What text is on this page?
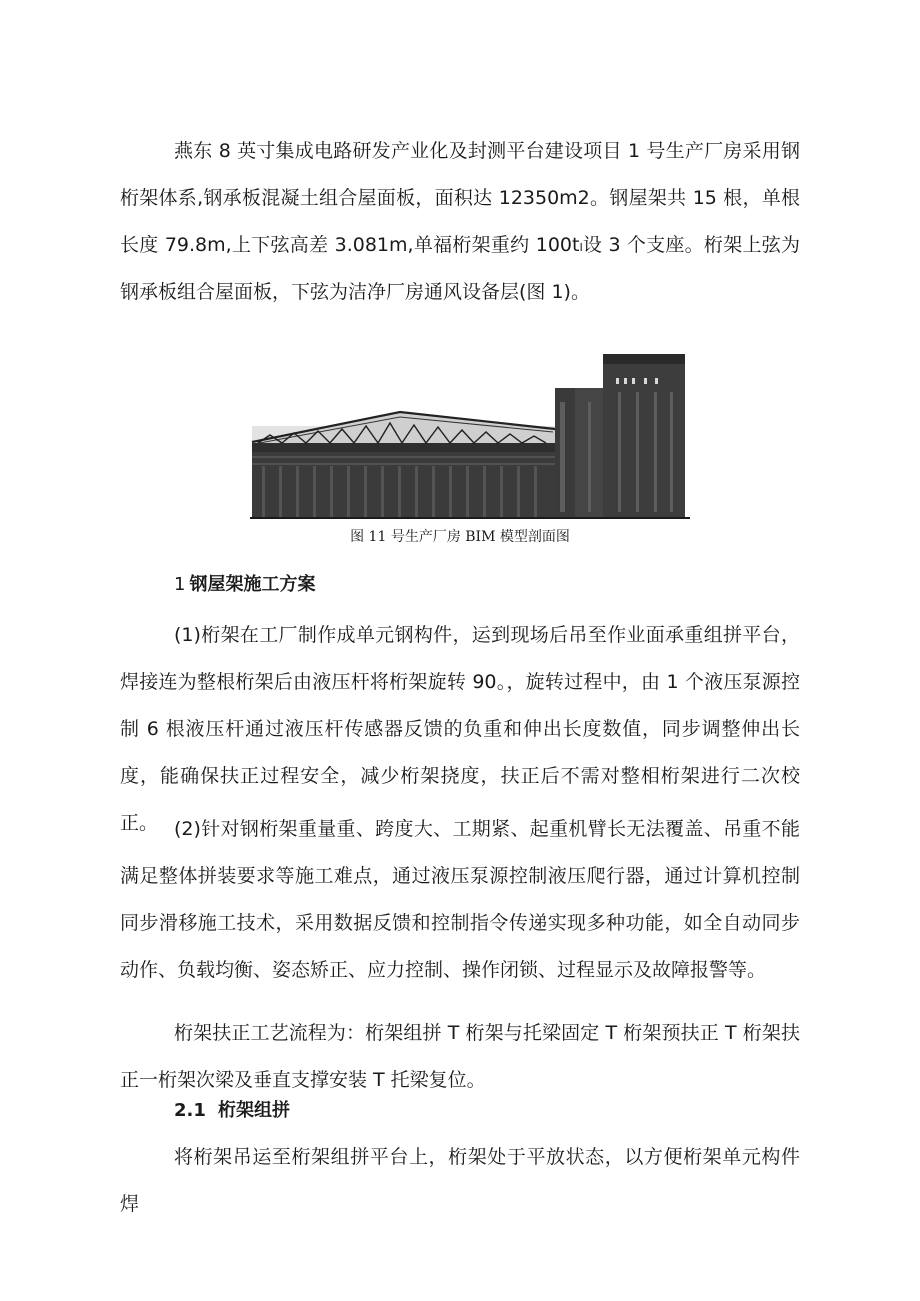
燕东 8 英寸集成电路研发产业化及封测平台建设项目 1 号生产厂房采用钢桁架体系,钢承板混凝土组合屋面板，面积达 12350m2。钢屋架共 15 根，单根长度 79.8m,上下弦高差 3.081m,单福桁架重约 100tₗ设 3 个支座。桁架上弦为钢承板组合屋面板，下弦为洁净厂房通风设备层(图 1)。

图 11 号生产厂房 BIM 模型剖面图
1 钢屋架施工方案

(1)桁架在工厂制作成单元钢构件，运到现场后吊至作业面承重组拼平台，焊接连为整根桁架后由液压杆将桁架旋转 90。，旋转过程中，由 1 个液压泵源控制 6 根液压杆通过液压杆传感器反馈的负重和伸出长度数值，同步调整伸出长度，能确保扶正过程安全，减少桁架挠度，扶正后不需对整相桁架进行二次校正。 (2)针对钢桁架重量重、跨度大、工期紧、起重机臂长无法覆盖、吊重不能满足整体拼装要求等施工难点，通过液压泵源控制液压爬行器，通过计算机控制同步滑移施工技术，采用数据反馈和控制指令传递实现多种功能，如全自动同步动作、负载均衡、姿态矫正、应力控制、操作闭锁、过程显示及故障报警等。

桁架扶正工艺流程为：桁架组拼 T 桁架与托梁固定 T 桁架预扶正 T 桁架扶正一桁架次梁及垂直支撑安装 T 托梁复位。

2.1 桁架组拼

将桁架吊运至桁架组拼平台上，桁架处于平放状态，以方便桁架单元构件焊
